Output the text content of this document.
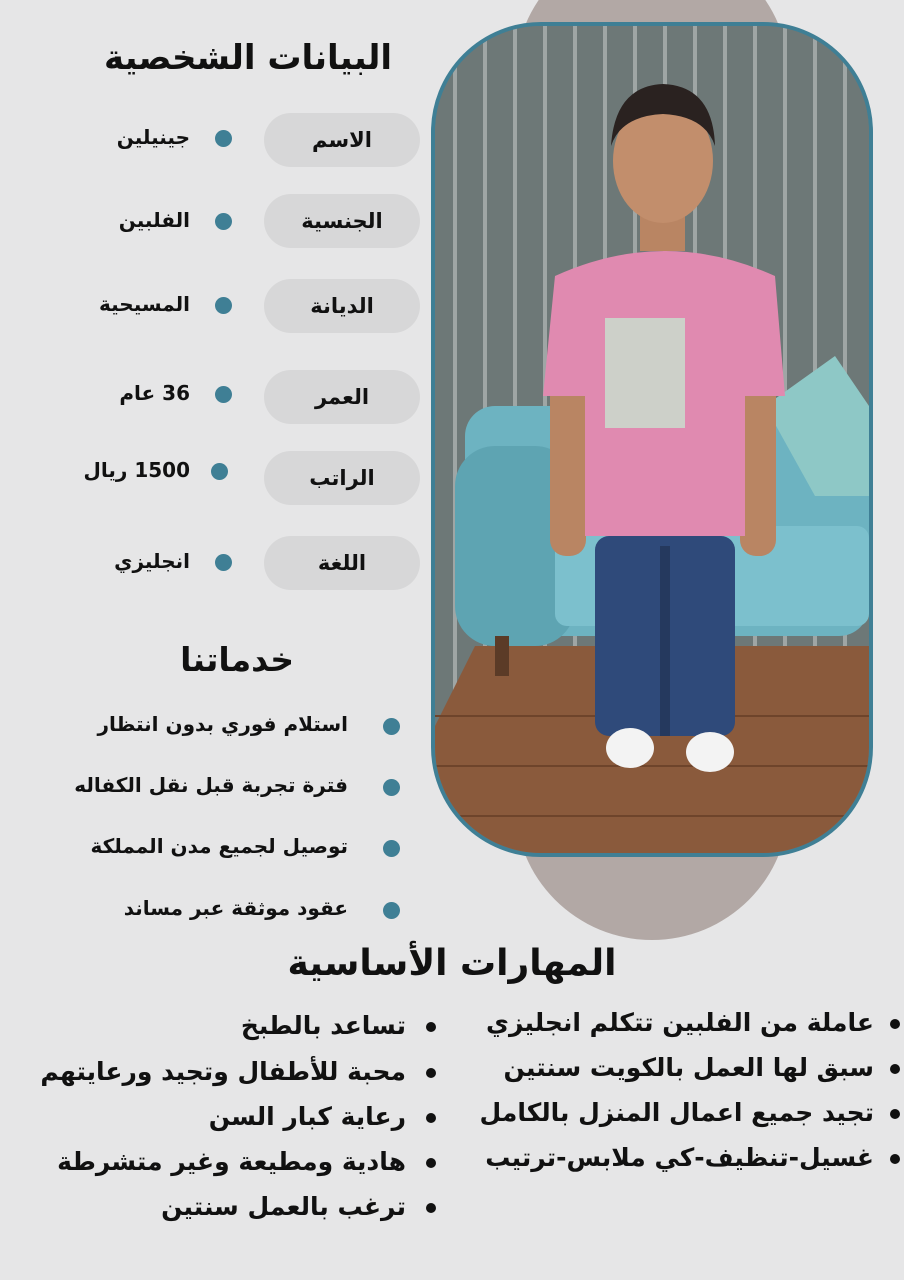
البيانات الشخصية
الاسم
جينيلين
الجنسية
الفلبين
الديانة
المسيحية
العمر
36 عام
الراتب
1500 ريال
اللغة
انجليزي
خدماتنا
استلام فوري بدون انتظار
فترة تجربة قبل نقل الكفاله
توصيل لجميع مدن المملكة
عقود موثقة عبر مساند
المهارات الأساسية
عاملة من الفلبين تتكلم انجليزي
سبق لها العمل بالكويت سنتين
تجيد جميع اعمال المنزل بالكامل
غسيل-تنظيف-كي ملابس-ترتيب
تساعد بالطبخ
محبة للأطفال وتجيد ورعايتهم
رعاية كبار السن
هادية ومطيعة وغير متشرطة
ترغب بالعمل سنتين
